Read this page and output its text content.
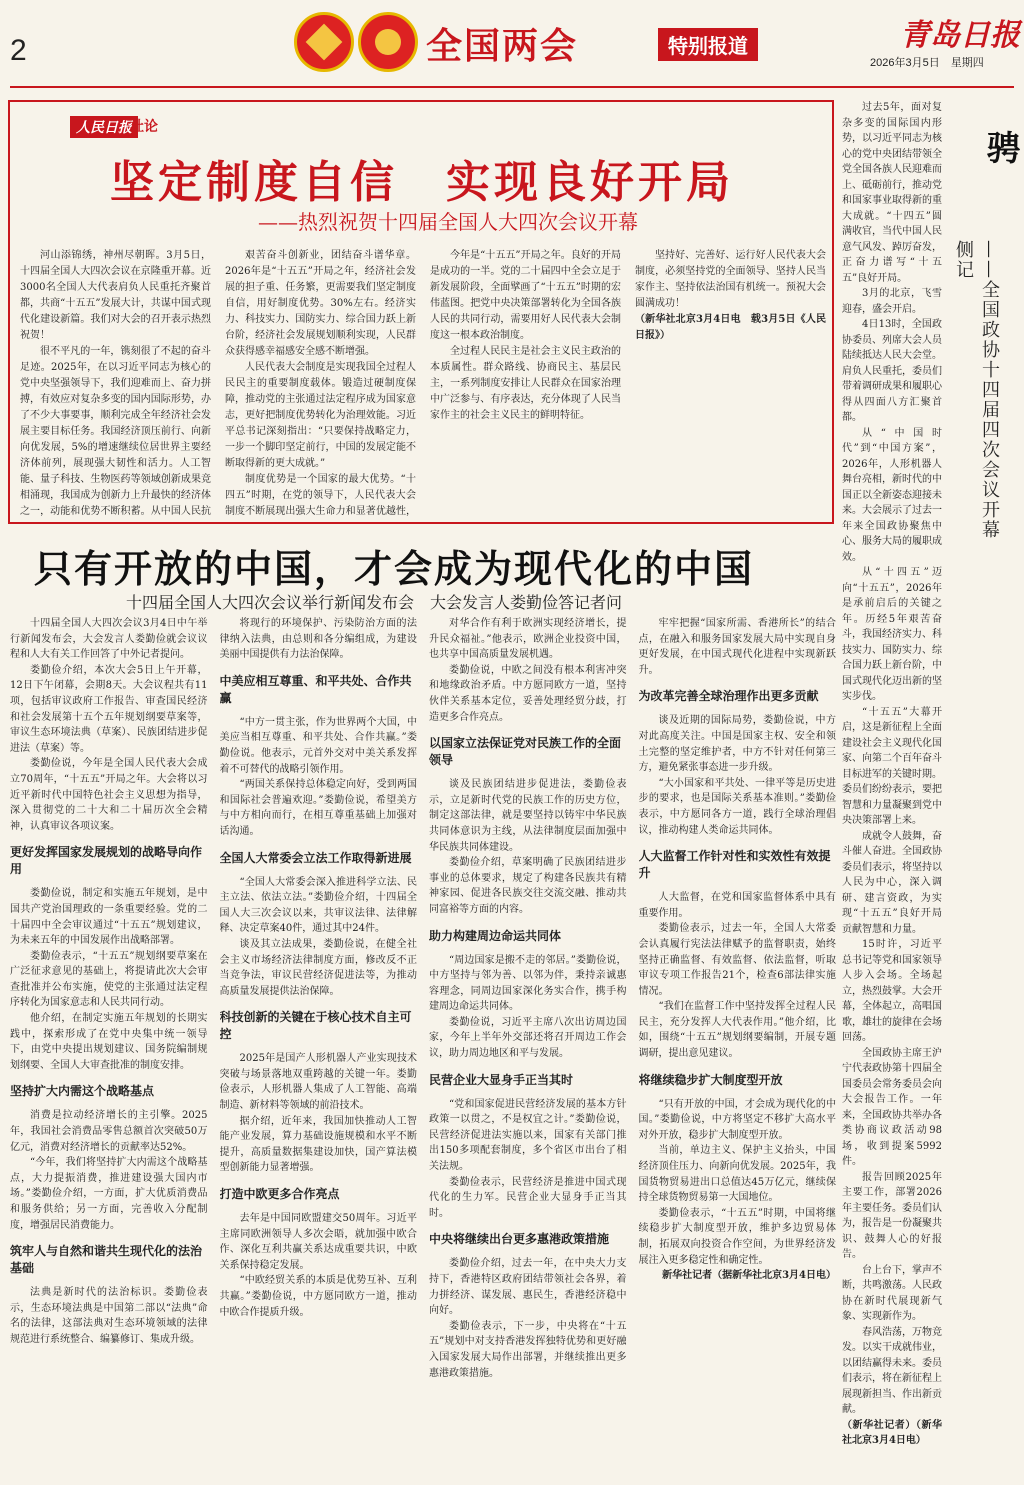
2	全国两会	特别报道	青岛日报
2026年3月5日　星期四
人民日报
社论
坚定制度自信　实现良好开局
——热烈祝贺十四届全国人大四次会议开幕

河山添锦绣，神州尽朝晖。3月5日，十四届全国人大四次会议在京隆重开幕。近3000名全国人大代表肩负人民重托齐聚首都，共商“十五五”发展大计，共谋中国式现代化建设新篇。我们对大会的召开表示热烈祝贺！

很不平凡的一年，镌刻很了不起的奋斗足迹。2025年，在以习近平同志为核心的党中央坚强领导下，我们迎难而上、奋力拼搏，有效应对复杂多变的国内国际形势，办了不少大事要事，顺利完成全年经济社会发展主要目标任务。我国经济顶压前行、向新向优发展，5%的增速继续位居世界主要经济体前列，展现强大韧性和活力。人工智能、量子科技、生物医药等领域创新成果竞相涌现，我国成为创新力上升最快的经济体之一，动能和优势不断积蓄。从中国人民抗

艰苦奋斗创新业，团结奋斗谱华章。2026年是“十五五”开局之年，经济社会发展的担子重、任务繁，更需要我们坚定制度自信，用好制度优势。30%左右。经济实力、科技实力、国防实力、综合国力跃上新台阶，经济社会发展规划顺利实现，人民群众获得感幸福感安全感不断增强。

人民代表大会制度是实现我国全过程人民民主的重要制度载体。锻造过硬制度保障，推动党的主张通过法定程序成为国家意志，更好把制度优势转化为治理效能。习近平总书记深刻指出：“只要保持战略定力，一步一个脚印坚定前行，中国的发展定能不断取得新的更大成就。”

制度优势是一个国家的最大优势。“十四五”时期，在党的领导下，人民代表大会制度不断展现出强大生命力和显著优越性，

今年是“十五五”开局之年。良好的开局是成功的一半。党的二十届四中全会立足于新发展阶段，全面擘画了“十五五”时期的宏伟蓝图。把党中央决策部署转化为全国各族人民的共同行动，需要用好人民代表大会制度这一根本政治制度。

全过程人民民主是社会主义民主政治的本质属性。群众路线、协商民主、基层民主，一系列制度安排让人民群众在国家治理中广泛参与、有序表达，充分体现了人民当家作主的社会主义民主的鲜明特征。

坚持好、完善好、运行好人民代表大会制度，必须坚持党的全面领导、坚持人民当家作主、坚持依法治国有机统一。预祝大会圆满成功！

（新华社北京3月4日电　载3月5日《人民日报》）

过去5年，面对复杂多变的国际国内形势，以习近平同志为核心的党中央团结带领全党全国各族人民迎难而上、砥砺前行，推动党和国家事业取得新的重大成就。“十四五”圆满收官，当代中国人民意气风发、踔厉奋发，正奋力谱写“十五五”良好开局。

3月的北京，飞雪迎春，盛会开启。

4日13时，全国政协委员、列席大会人员陆续抵达人民大会堂。肩负人民重托，委员们带着调研成果和履职心得从四面八方汇聚首都。

从“中国时代”到“中国方案”，2026年，人形机器人舞台亮相，新时代的中国正以全新姿态迎接未来。大会展示了过去一年来全国政协聚焦中心、服务大局的履职成效。

从“十四五”迈向“十五五”，2026年是承前启后的关键之年。历经5年艰苦奋斗，我国经济实力、科技实力、国防实力、综合国力跃上新台阶，中国式现代化迈出新的坚实步伐。

“十五五”大幕开启，这是新征程上全面建设社会主义现代化国家、向第二个百年奋斗目标进军的关键时期。委员们纷纷表示，要把智慧和力量凝聚到党中央决策部署上来。

成就令人鼓舞，奋斗催人奋进。全国政协委员们表示，将坚持以人民为中心，深入调研、建言资政，为实现“十五五”良好开局贡献智慧和力量。

15时许，习近平总书记等党和国家领导人步入会场。全场起立，热烈鼓掌。大会开幕，全体起立，高唱国歌，雄壮的旋律在会场回荡。

全国政协主席王沪宁代表政协第十四届全国委员会常务委员会向大会报告工作。一年来，全国政协共举办各类协商议政活动98场，收到提案5992件。

报告回顾2025年主要工作，部署2026年主要任务。委员们认为，报告是一份凝聚共识、鼓舞人心的好报告。

台上台下，掌声不断，共鸣激荡。人民政协在新时代展现新气象、实现新作为。

春风浩荡，万物竞发。以实干成就伟业，以团结赢得未来。委员们表示，将在新征程上展现新担当、作出新贡献。

（新华社记者）（新华社北京3月4日电）

　骋
——全国政协十四届四次会议开幕侧记
只有开放的中国，才会成为现代化的中国
十四届全国人大四次会议举行新闻发布会　大会发言人娄勤俭答记者问

十四届全国人大四次会议3月4日中午举行新闻发布会，大会发言人娄勤俭就会议议程和人大有关工作回答了中外记者提问。

娄勤俭介绍，本次大会5日上午开幕，12日下午闭幕，会期8天。大会议程共有11项，包括审议政府工作报告、审查国民经济和社会发展第十五个五年规划纲要草案等，审议生态环境法典（草案）、民族团结进步促进法（草案）等。

娄勤俭说，今年是全国人民代表大会成立70周年，“十五五”开局之年。大会将以习近平新时代中国特色社会主义思想为指导，深入贯彻党的二十大和二十届历次全会精神，认真审议各项议案。

更好发挥国家发展规划的战略导向作用

娄勤俭说，制定和实施五年规划，是中国共产党治国理政的一条重要经验。党的二十届四中全会审议通过“十五五”规划建议，为未来五年的中国发展作出战略部署。

娄勤俭表示，“十五五”规划纲要草案在广泛征求意见的基础上，将提请此次大会审查批准并公布实施，使党的主张通过法定程序转化为国家意志和人民共同行动。

他介绍，在制定实施五年规划的长期实践中，探索形成了在党中央集中统一领导下，由党中央提出规划建议、国务院编制规划纲要、全国人大审查批准的制度安排。

坚持扩大内需这个战略基点

消费是拉动经济增长的主引擎。2025年，我国社会消费品零售总额首次突破50万亿元，消费对经济增长的贡献率达52%。

“今年，我们将坚持扩大内需这个战略基点，大力提振消费，推进建设强大国内市场。”娄勤俭介绍，一方面，扩大优质消费品和服务供给；另一方面，完善收入分配制度，增强居民消费能力。

筑牢人与自然和谐共生现代化的法治基础

法典是新时代的法治标识。娄勤俭表示，生态环境法典是中国第二部以“法典”命名的法律，这部法典对生态环境领域的法律规范进行系统整合、编纂修订、集成升级。

将现行的环境保护、污染防治方面的法律纳入法典，由总则和各分编组成，为建设美丽中国提供有力法治保障。

中美应相互尊重、和平共处、合作共赢

“中方一贯主张，作为世界两个大国，中美应当相互尊重、和平共处、合作共赢。”娄勤俭说。他表示，元首外交对中美关系发挥着不可替代的战略引领作用。

“两国关系保持总体稳定向好，受到两国和国际社会普遍欢迎。”娄勤俭说，希望美方与中方相向而行，在相互尊重基础上加强对话沟通。

全国人大常委会立法工作取得新进展

“全国人大常委会深入推进科学立法、民主立法、依法立法。”娄勤俭介绍，十四届全国人大三次会议以来，共审议法律、法律解释、决定草案40件，通过其中24件。

谈及其立法成果，娄勤俭说，在健全社会主义市场经济法律制度方面，修改反不正当竞争法，审议民营经济促进法等，为推动高质量发展提供法治保障。

科技创新的关键在于核心技术自主可控

2025年是国产人形机器人产业实现技术突破与场景落地双重跨越的关键一年。娄勤俭表示，人形机器人集成了人工智能、高端制造、新材料等领域的前沿技术。

据介绍，近年来，我国加快推动人工智能产业发展，算力基础设施规模和水平不断提升，高质量数据集建设加快，国产算法模型创新能力显著增强。

打造中欧更多合作亮点

去年是中国同欧盟建交50周年。习近平主席同欧洲领导人多次会晤，就加强中欧合作、深化互利共赢关系达成重要共识，中欧关系保持稳定发展。

“中欧经贸关系的本质是优势互补、互利共赢。”娄勤俭说，中方愿同欧方一道，推动中欧合作提质升级。

对华合作有利于欧洲实现经济增长，提升民众福祉。”他表示，欧洲企业投资中国，也共享中国高质量发展机遇。

娄勤俭说，中欧之间没有根本利害冲突和地缘政治矛盾。中方愿同欧方一道，坚持伙伴关系基本定位，妥善处理经贸分歧，打造更多合作亮点。

以国家立法保证党对民族工作的全面领导

谈及民族团结进步促进法，娄勤俭表示，立足新时代党的民族工作的历史方位，制定这部法律，就是要坚持以铸牢中华民族共同体意识为主线，从法律制度层面加强中华民族共同体建设。

娄勤俭介绍，草案明确了民族团结进步事业的总体要求，规定了构建各民族共有精神家园、促进各民族交往交流交融、推动共同富裕等方面的内容。

助力构建周边命运共同体

“周边国家是搬不走的邻居。”娄勤俭说，中方坚持与邻为善、以邻为伴，秉持亲诚惠容理念，同周边国家深化务实合作，携手构建周边命运共同体。

娄勤俭说，习近平主席八次出访周边国家，今年上半年外交部还将召开周边工作会议，助力周边地区和平与发展。

民营企业大显身手正当其时

“党和国家促进民营经济发展的基本方针政策一以贯之，不是权宜之计。”娄勤俭说，民营经济促进法实施以来，国家有关部门推出150多项配套制度，多个省区市出台了相关法规。

娄勤俭表示，民营经济是推进中国式现代化的生力军。民营企业大显身手正当其时。

中央将继续出台更多惠港政策措施

娄勤俭介绍，过去一年，在中央大力支持下，香港特区政府团结带领社会各界，着力拼经济、谋发展、惠民生，香港经济稳中向好。

娄勤俭表示，下一步，中央将在“十五五”规划中对支持香港发挥独特优势和更好融入国家发展大局作出部署，并继续推出更多惠港政策措施。

牢牢把握“国家所需、香港所长”的结合点，在融入和服务国家发展大局中实现自身更好发展，在中国式现代化进程中实现新跃升。

为改革完善全球治理作出更多贡献

谈及近期的国际局势，娄勤俭说，中方对此高度关注。中国是国家主权、安全和领土完整的坚定维护者，中方不针对任何第三方，避免紧张事态进一步升级。

“大小国家和平共处、一律平等是历史进步的要求，也是国际关系基本准则。”娄勤俭表示，中方愿同各方一道，践行全球治理倡议，推动构建人类命运共同体。

人大监督工作针对性和实效性有效提升

人大监督，在党和国家监督体系中具有重要作用。

娄勤俭表示，过去一年，全国人大常委会认真履行宪法法律赋予的监督职责，始终坚持正确监督、有效监督、依法监督，听取审议专项工作报告21个，检查6部法律实施情况。

“我们在监督工作中坚持发挥全过程人民民主，充分发挥人大代表作用。”他介绍，比如，围绕“十五五”规划纲要编制，开展专题调研，提出意见建议。

将继续稳步扩大制度型开放

“只有开放的中国，才会成为现代化的中国。”娄勤俭说，中方将坚定不移扩大高水平对外开放，稳步扩大制度型开放。

当前，单边主义、保护主义抬头，中国经济顶住压力、向新向优发展。2025年，我国货物贸易进出口总值达45万亿元，继续保持全球货物贸易第一大国地位。

娄勤俭表示，“十五五”时期，中国将继续稳步扩大制度型开放，维护多边贸易体制，拓展双向投资合作空间，为世界经济发展注入更多稳定性和确定性。

新华社记者（据新华社北京3月4日电）
